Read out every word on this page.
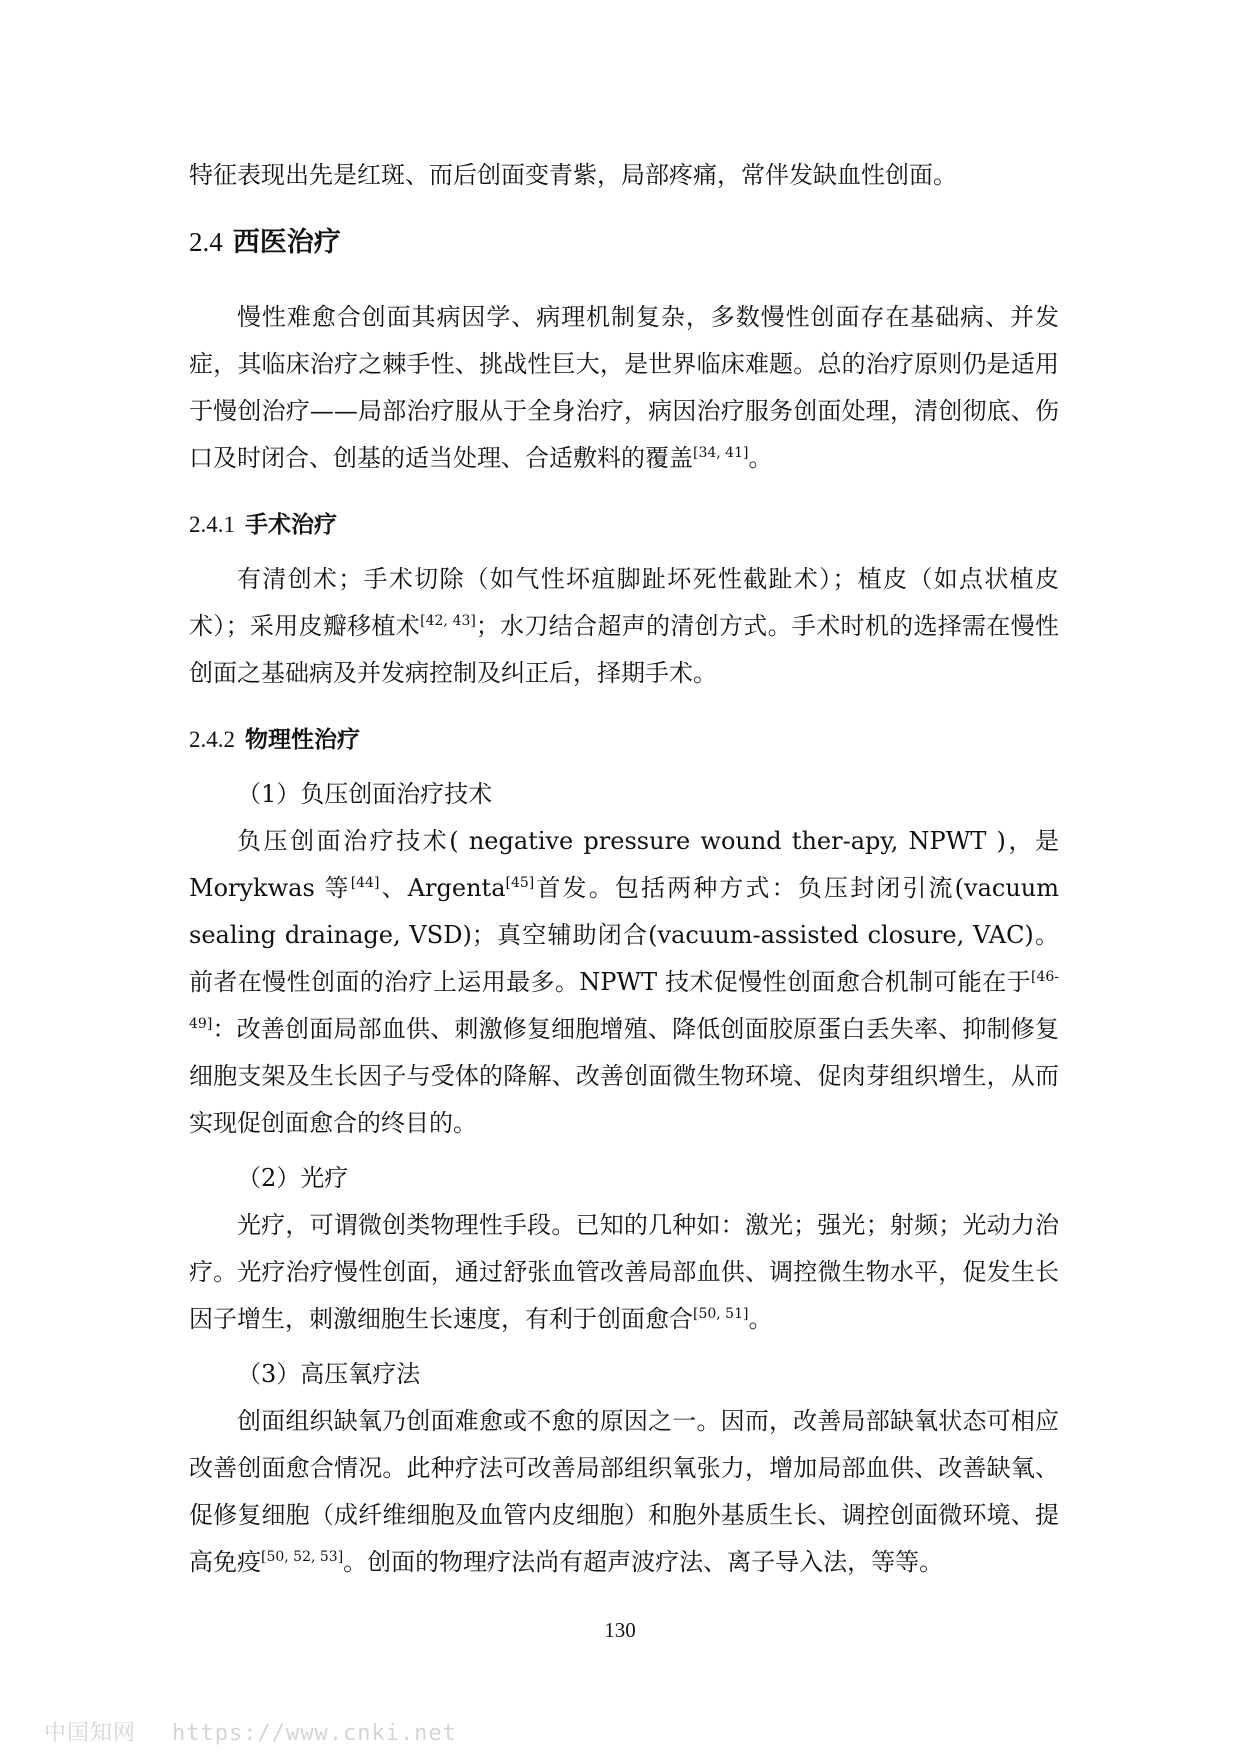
特征表现出先是红斑、而后创面变青紫，局部疼痛，常伴发缺血性创面。

2.4 西医治疗

慢性难愈合创面其病因学、病理机制复杂，多数慢性创面存在基础病、并发症，其临床治疗之棘手性、挑战性巨大，是世界临床难题。总的治疗原则仍是适用于慢创治疗——局部治疗服从于全身治疗，病因治疗服务创面处理，清创彻底、伤口及时闭合、创基的适当处理、合适敷料的覆盖[34, 41]。

2.4.1 手术治疗

有清创术；手术切除（如气性坏疽脚趾坏死性截趾术）；植皮（如点状植皮术）；采用皮瓣移植术[42, 43]；水刀结合超声的清创方式。手术时机的选择需在慢性创面之基础病及并发病控制及纠正后，择期手术。

2.4.2 物理性治疗

（1）负压创面治疗技术

负压创面治疗技术( negative pressure wound ther-apy, NPWT )，是 Morykwas 等[44]、Argenta[45]首发。包括两种方式：负压封闭引流(vacuum sealing drainage, VSD)；真空辅助闭合(vacuum-assisted closure, VAC)。前者在慢性创面的治疗上运用最多。NPWT 技术促慢性创面愈合机制可能在于[46-49]：改善创面局部血供、刺激修复细胞增殖、降低创面胶原蛋白丢失率、抑制修复细胞支架及生长因子与受体的降解、改善创面微生物环境、促肉芽组织增生，从而实现促创面愈合的终目的。

（2）光疗

光疗，可谓微创类物理性手段。已知的几种如：激光；强光；射频；光动力治疗。光疗治疗慢性创面，通过舒张血管改善局部血供、调控微生物水平，促发生长因子增生，刺激细胞生长速度，有利于创面愈合[50, 51]。

（3）高压氧疗法

创面组织缺氧乃创面难愈或不愈的原因之一。因而，改善局部缺氧状态可相应改善创面愈合情况。此种疗法可改善局部组织氧张力，增加局部血供、改善缺氧、促修复细胞（成纤维细胞及血管内皮细胞）和胞外基质生长、调控创面微环境、提高免疫[50, 52, 53]。创面的物理疗法尚有超声波疗法、离子导入法，等等。

130
中国知网 https://www.cnki.net
